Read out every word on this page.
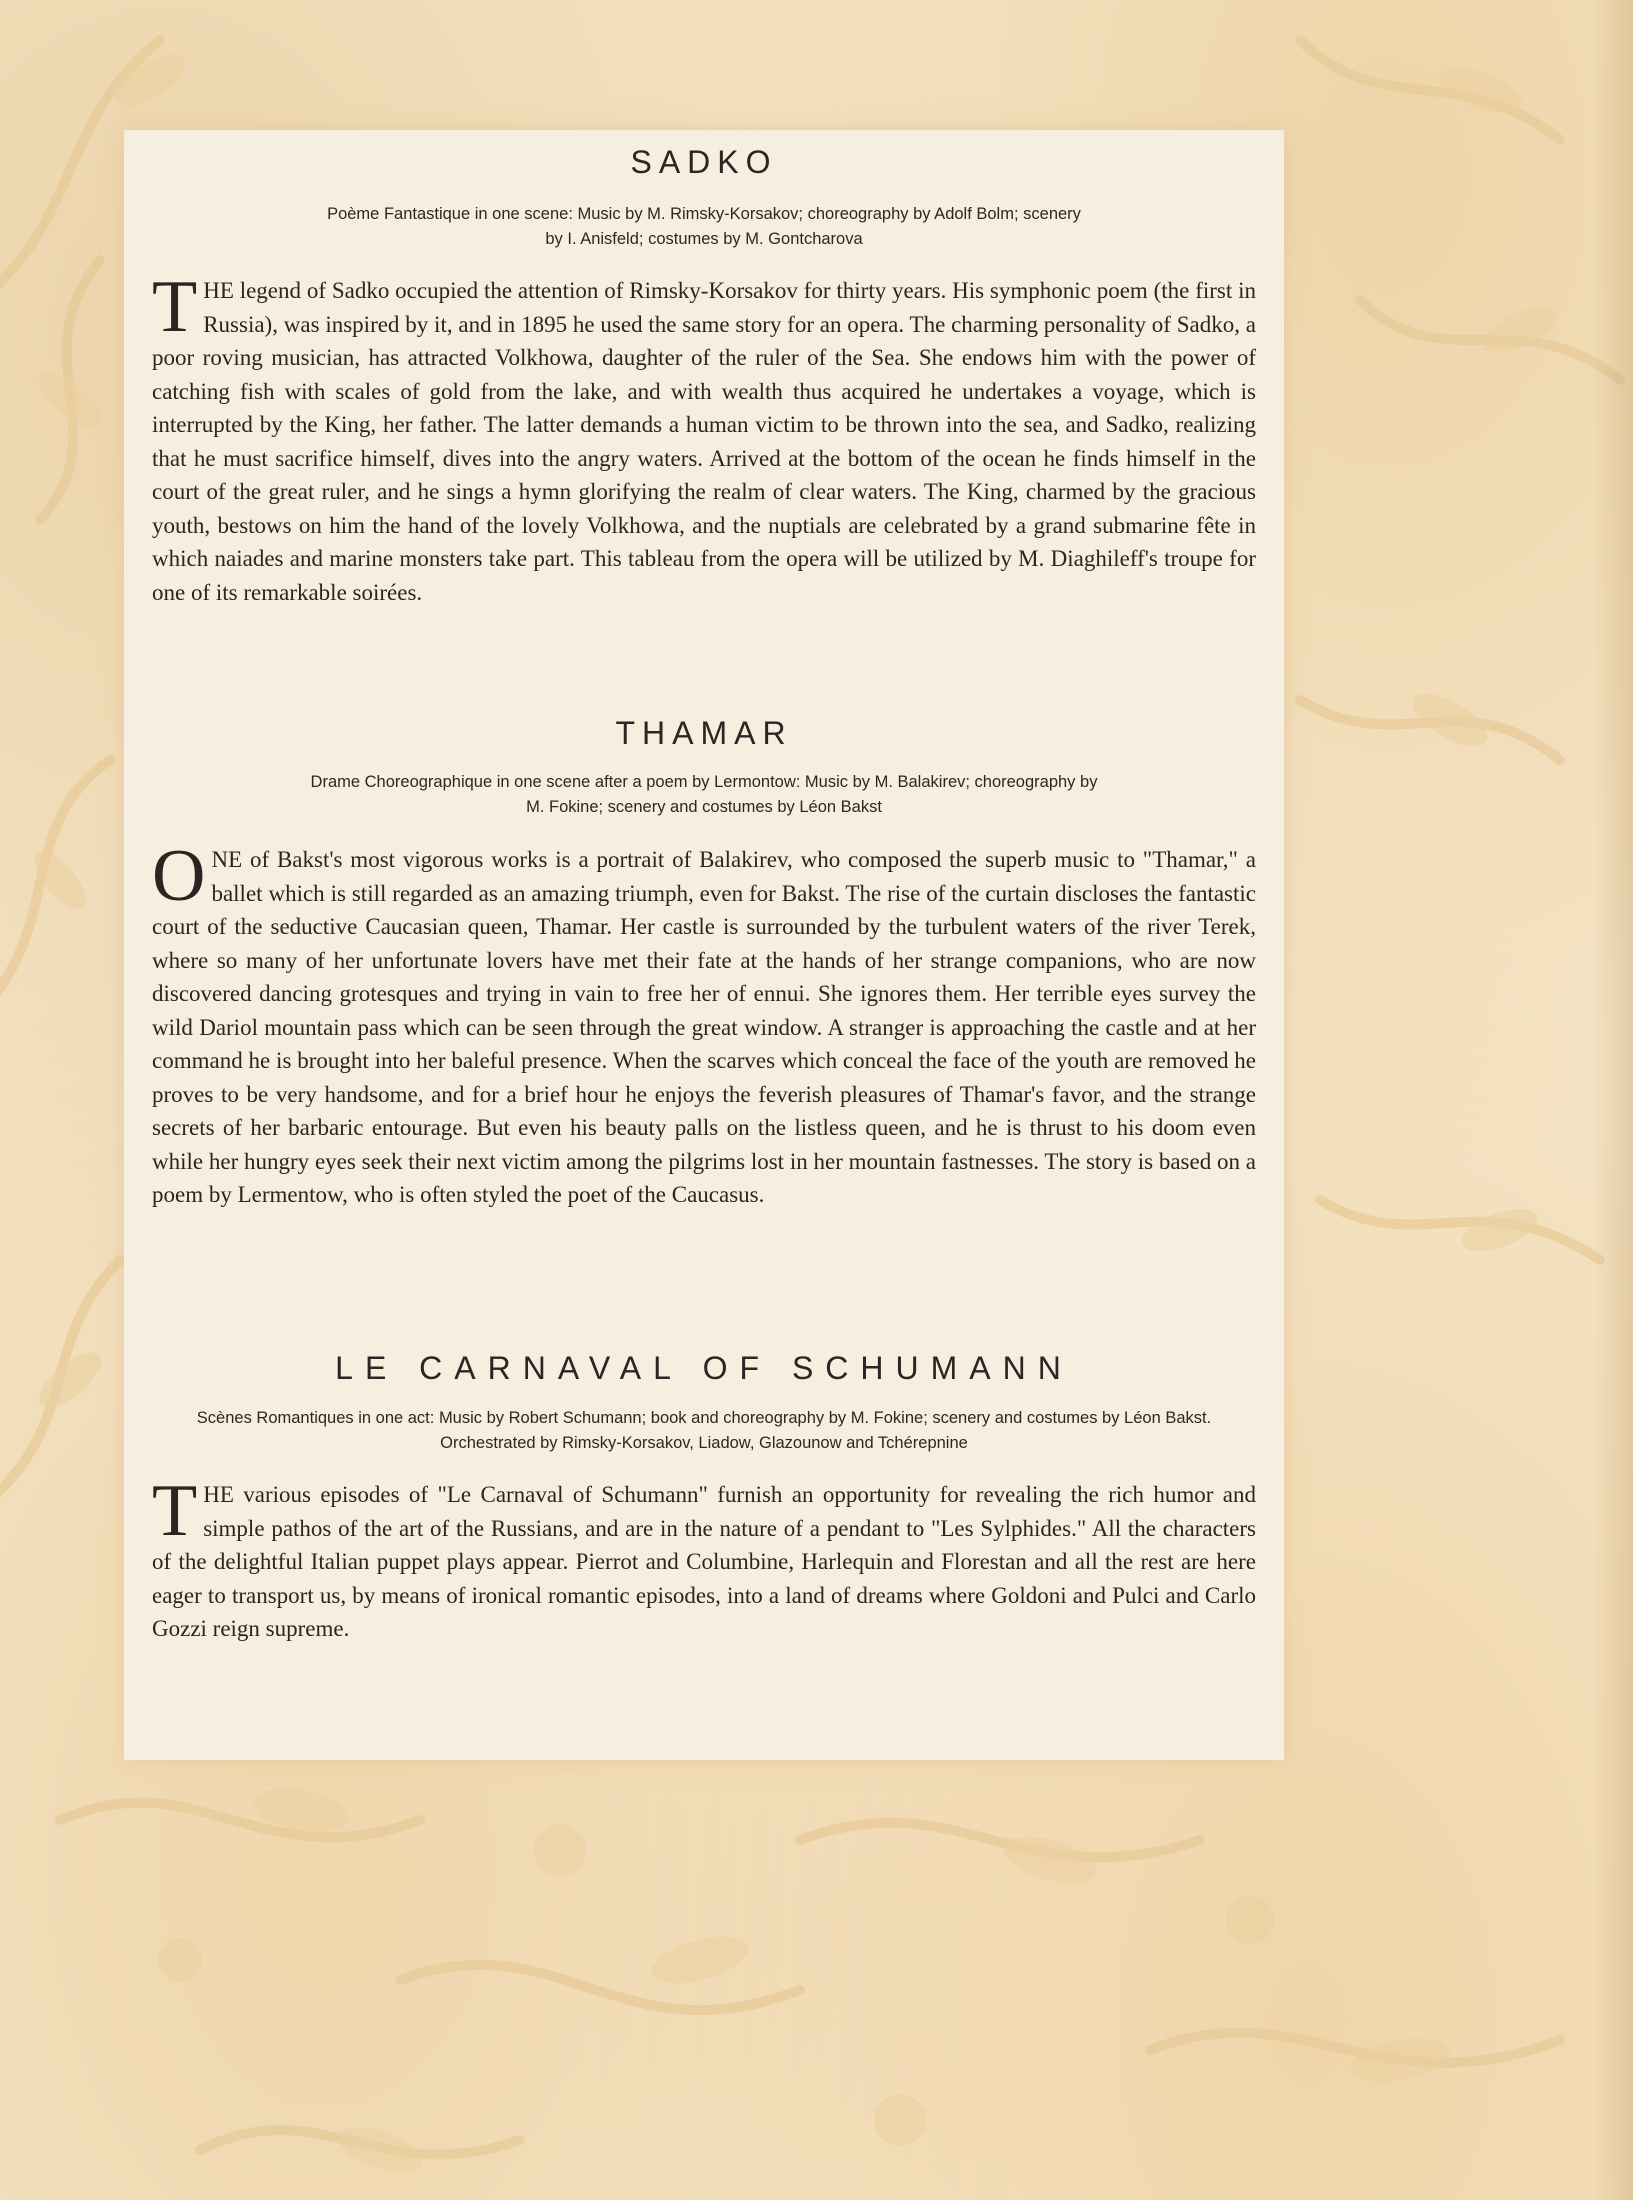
SADKO
Poème Fantastique in one scene: Music by M. Rimsky-Korsakov; choreography by Adolf Bolm; scenery by I. Anisfeld; costumes by M. Gontcharova
THE legend of Sadko occupied the attention of Rimsky-Korsakov for thirty years. His symphonic poem (the first in Russia), was inspired by it, and in 1895 he used the same story for an opera. The charming personality of Sadko, a poor roving musician, has attracted Volkhowa, daughter of the ruler of the Sea. She endows him with the power of catching fish with scales of gold from the lake, and with wealth thus acquired he undertakes a voyage, which is interrupted by the King, her father. The latter demands a human victim to be thrown into the sea, and Sadko, realizing that he must sacrifice himself, dives into the angry waters. Arrived at the bottom of the ocean he finds himself in the court of the great ruler, and he sings a hymn glorifying the realm of clear waters. The King, charmed by the gracious youth, bestows on him the hand of the lovely Volkhowa, and the nuptials are celebrated by a grand submarine fête in which naiades and marine monsters take part. This tableau from the opera will be utilized by M. Diaghileff's troupe for one of its remarkable soirées.
THAMAR
Drame Choreographique in one scene after a poem by Lermontow: Music by M. Balakirev; choreography by M. Fokine; scenery and costumes by Léon Bakst
ONE of Bakst's most vigorous works is a portrait of Balakirev, who composed the superb music to "Thamar," a ballet which is still regarded as an amazing triumph, even for Bakst. The rise of the curtain discloses the fantastic court of the seductive Caucasian queen, Thamar. Her castle is surrounded by the turbulent waters of the river Terek, where so many of her unfortunate lovers have met their fate at the hands of her strange companions, who are now discovered dancing grotesques and trying in vain to free her of ennui. She ignores them. Her terrible eyes survey the wild Dariol mountain pass which can be seen through the great window. A stranger is approaching the castle and at her command he is brought into her baleful presence. When the scarves which conceal the face of the youth are removed he proves to be very handsome, and for a brief hour he enjoys the feverish pleasures of Thamar's favor, and the strange secrets of her barbaric entourage. But even his beauty palls on the listless queen, and he is thrust to his doom even while her hungry eyes seek their next victim among the pilgrims lost in her mountain fastnesses. The story is based on a poem by Lermentow, who is often styled the poet of the Caucasus.
LE CARNAVAL OF SCHUMANN
Scènes Romantiques in one act: Music by Robert Schumann; book and choreography by M. Fokine; scenery and costumes by Léon Bakst. Orchestrated by Rimsky-Korsakov, Liadow, Glazounow and Tchérepnine
THE various episodes of "Le Carnaval of Schumann" furnish an opportunity for revealing the rich humor and simple pathos of the art of the Russians, and are in the nature of a pendant to "Les Sylphides." All the characters of the delightful Italian puppet plays appear. Pierrot and Columbine, Harlequin and Florestan and all the rest are here eager to transport us, by means of ironical romantic episodes, into a land of dreams where Goldoni and Pulci and Carlo Gozzi reign supreme.
